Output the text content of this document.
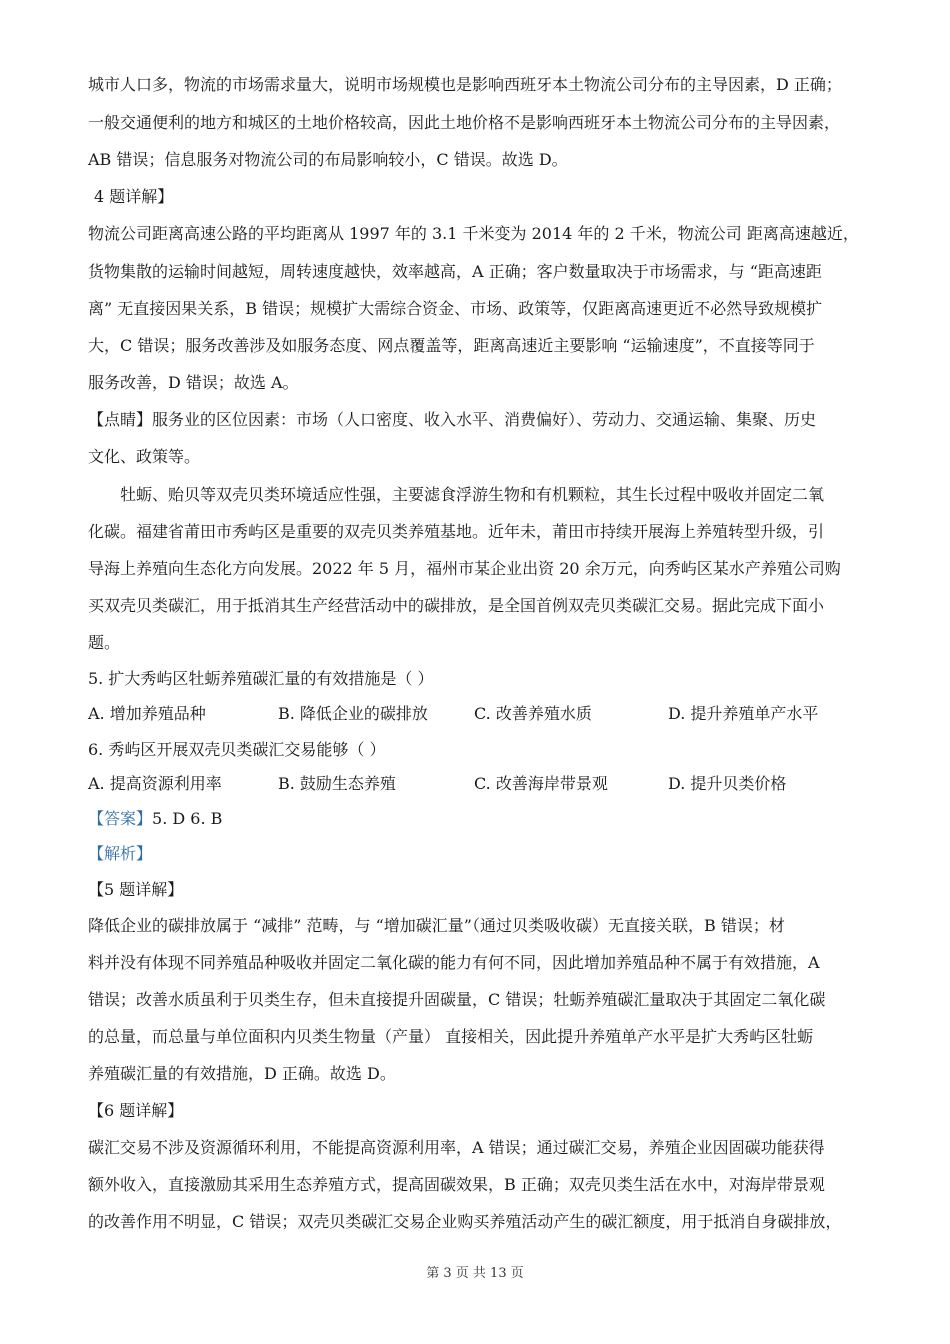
城市人口多，物流的市场需求量大，说明市场规模也是影响西班牙本土物流公司分布的主导因素，D 正确；
一般交通便利的地方和城区的土地价格较高，因此土地价格不是影响西班牙本土物流公司分布的主导因素，
AB 错误；信息服务对物流公司的布局影响较小，C 错误。故选 D。
4 题详解】
物流公司距离高速公路的平均距离从 1997 年的 3.1 千米变为 2014 年的 2 千米，物流公司 距离高速越近，
货物集散的运输时间越短，周转速度越快，效率越高，A 正确；客户数量取决于市场需求，与 “距高速距
离” 无直接因果关系，B 错误；规模扩大需综合资金、市场、政策等，仅距离高速更近不必然导致规模扩
大，C 错误；服务改善涉及如服务态度、网点覆盖等，距离高速近主要影响 “运输速度”，不直接等同于
服务改善，D 错误；故选 A。
【点睛】服务业的区位因素：市场（人口密度、收入水平、消费偏好）、劳动力、交通运输、集聚、历史
文化、政策等。
牡蛎、贻贝等双壳贝类环境适应性强，主要滤食浮游生物和有机颗粒，其生长过程中吸收并固定二氧
化碳。福建省莆田市秀屿区是重要的双壳贝类养殖基地。近年未，莆田市持续开展海上养殖转型升级，引
导海上养殖向生态化方向发展。2022 年 5 月，福州市某企业出资 20 余万元，向秀屿区某水产养殖公司购
买双壳贝类碳汇，用于抵消其生产经营活动中的碳排放，是全国首例双壳贝类碳汇交易。据此完成下面小
题。
5. 扩大秀屿区牡蛎养殖碳汇量的有效措施是（ ）
A. 增加养殖品种	B. 降低企业的碳排放	C. 改善养殖水质	D. 提升养殖单产水平
6. 秀屿区开展双壳贝类碳汇交易能够（ ）
A. 提高资源利用率	B. 鼓励生态养殖	C. 改善海岸带景观	D. 提升贝类价格
【答案】5. D 6. B
【解析】
【5 题详解】
降低企业的碳排放属于 “减排” 范畴，与 “增加碳汇量”（通过贝类吸收碳）无直接关联，B 错误；材
料并没有体现不同养殖品种吸收并固定二氧化碳的能力有何不同，因此增加养殖品种不属于有效措施，A
错误；改善水质虽利于贝类生存，但未直接提升固碳量，C 错误；牡蛎养殖碳汇量取决于其固定二氧化碳
的总量，而总量与单位面积内贝类生物量（产量） 直接相关，因此提升养殖单产水平是扩大秀屿区牡蛎
养殖碳汇量的有效措施，D 正确。故选 D。
【6 题详解】
碳汇交易不涉及资源循环利用，不能提高资源利用率，A 错误；通过碳汇交易，养殖企业因固碳功能获得
额外收入，直接激励其采用生态养殖方式，提高固碳效果，B 正确；双壳贝类生活在水中，对海岸带景观
的改善作用不明显，C 错误；双壳贝类碳汇交易企业购买养殖活动产生的碳汇额度，用于抵消自身碳排放，
第 3 页 共 13 页
